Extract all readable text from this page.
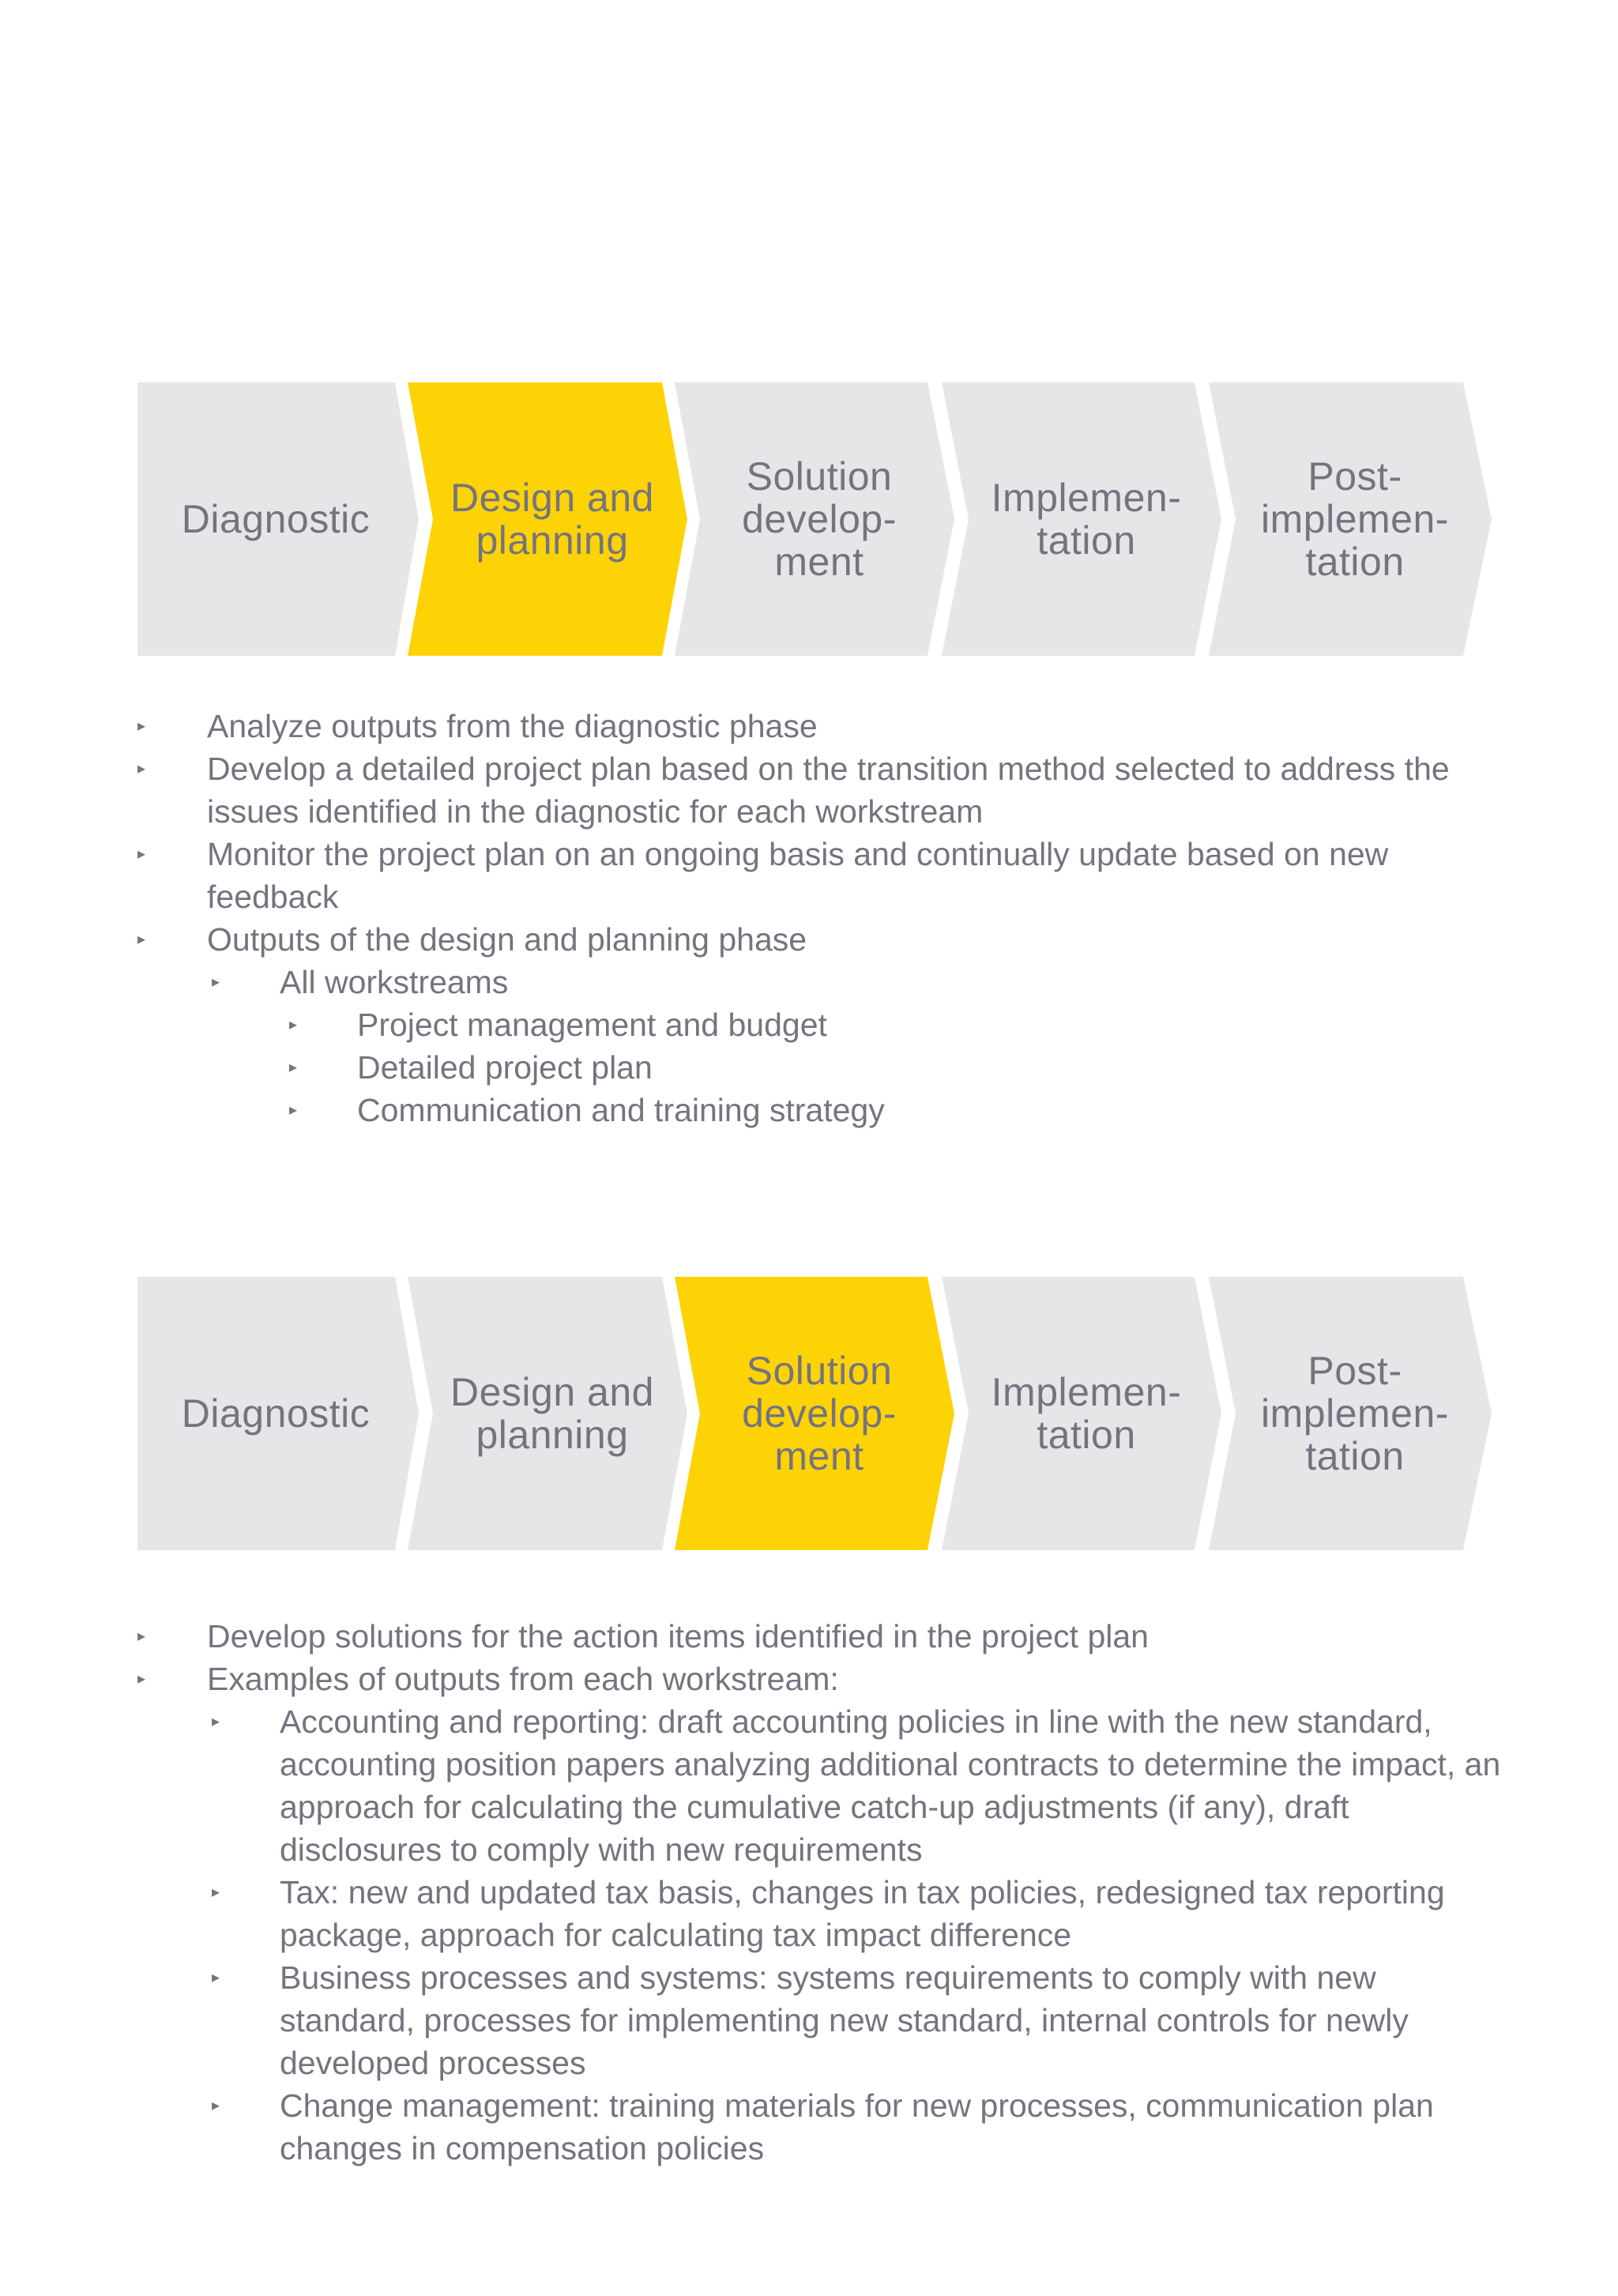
Diagnostic	Design and
planning
Solution
develop-
ment
Implemen-
tation
Post-
implemen-
tation
▸ Analyze outputs from the diagnostic phase
▸ Develop a detailed project plan based on the transition method selected to address the issues identified in the diagnostic for each workstream
▸ Monitor the project plan on an ongoing basis and continually update based on new feedback
▸ Outputs of the design and planning phase
▸ All workstreams
▸ Project management and budget
▸ Detailed project plan
▸ Communication and training strategy
Diagnostic	Design and
planning
Solution
develop-
ment
Implemen-
tation
Post-
implemen-
tation
▸ Develop solutions for the action items identified in the project plan
▸ Examples of outputs from each workstream:
▸ Accounting and reporting: draft accounting policies in line with the new standard, accounting position papers analyzing additional contracts to determine the impact, an approach for calculating the cumulative catch-up adjustments (if any), draft disclosures to comply with new requirements
▸ Tax: new and updated tax basis, changes in tax policies, redesigned tax reporting package, approach for calculating tax impact difference
▸ Business processes and systems: systems requirements to comply with new standard, processes for implementing new standard, internal controls for newly developed processes
▸ Change management: training materials for new processes, communication plan changes in compensation policies
